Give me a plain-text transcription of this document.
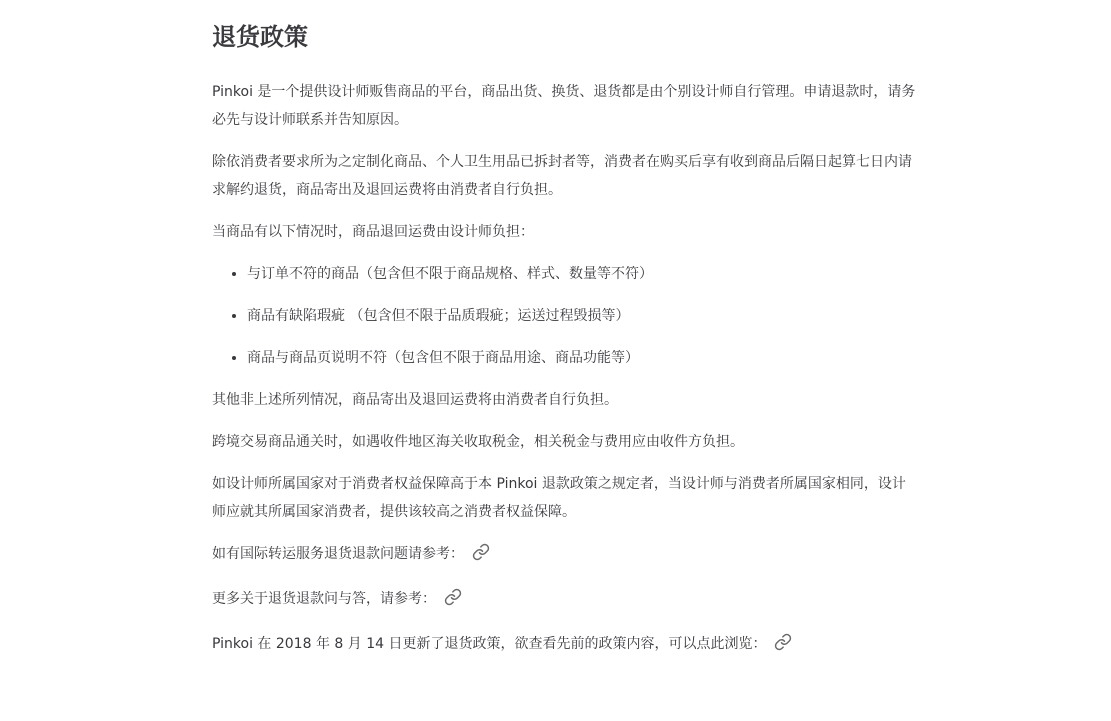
退货政策

Pinkoi 是一个提供设计师贩售商品的平台，商品出货、换货、退货都是由个别设计师自行管理。申请退款时，请务必先与设计师联系并告知原因。

除依消费者要求所为之定制化商品、个人卫生用品已拆封者等，消费者在购买后享有收到商品后隔日起算七日内请求解约退货，商品寄出及退回运费将由消费者自行负担。

当商品有以下情况时，商品退回运费由设计师负担：

• 与订单不符的商品（包含但不限于商品规格、样式、数量等不符）
• 商品有缺陷瑕疵 （包含但不限于品质瑕疵；运送过程毁损等）
• 商品与商品页说明不符（包含但不限于商品用途、商品功能等）

其他非上述所列情况，商品寄出及退回运费将由消费者自行负担。

跨境交易商品通关时，如遇收件地区海关收取税金，相关税金与费用应由收件方负担。

如设计师所属国家对于消费者权益保障高于本 Pinkoi 退款政策之规定者，当设计师与消费者所属国家相同，设计师应就其所属国家消费者，提供该较高之消费者权益保障。

如有国际转运服务退货退款问题请参考：

更多关于退货退款问与答，请参考：

Pinkoi 在 2018 年 8 月 14 日更新了退货政策，欲查看先前的政策内容，可以点此浏览：
